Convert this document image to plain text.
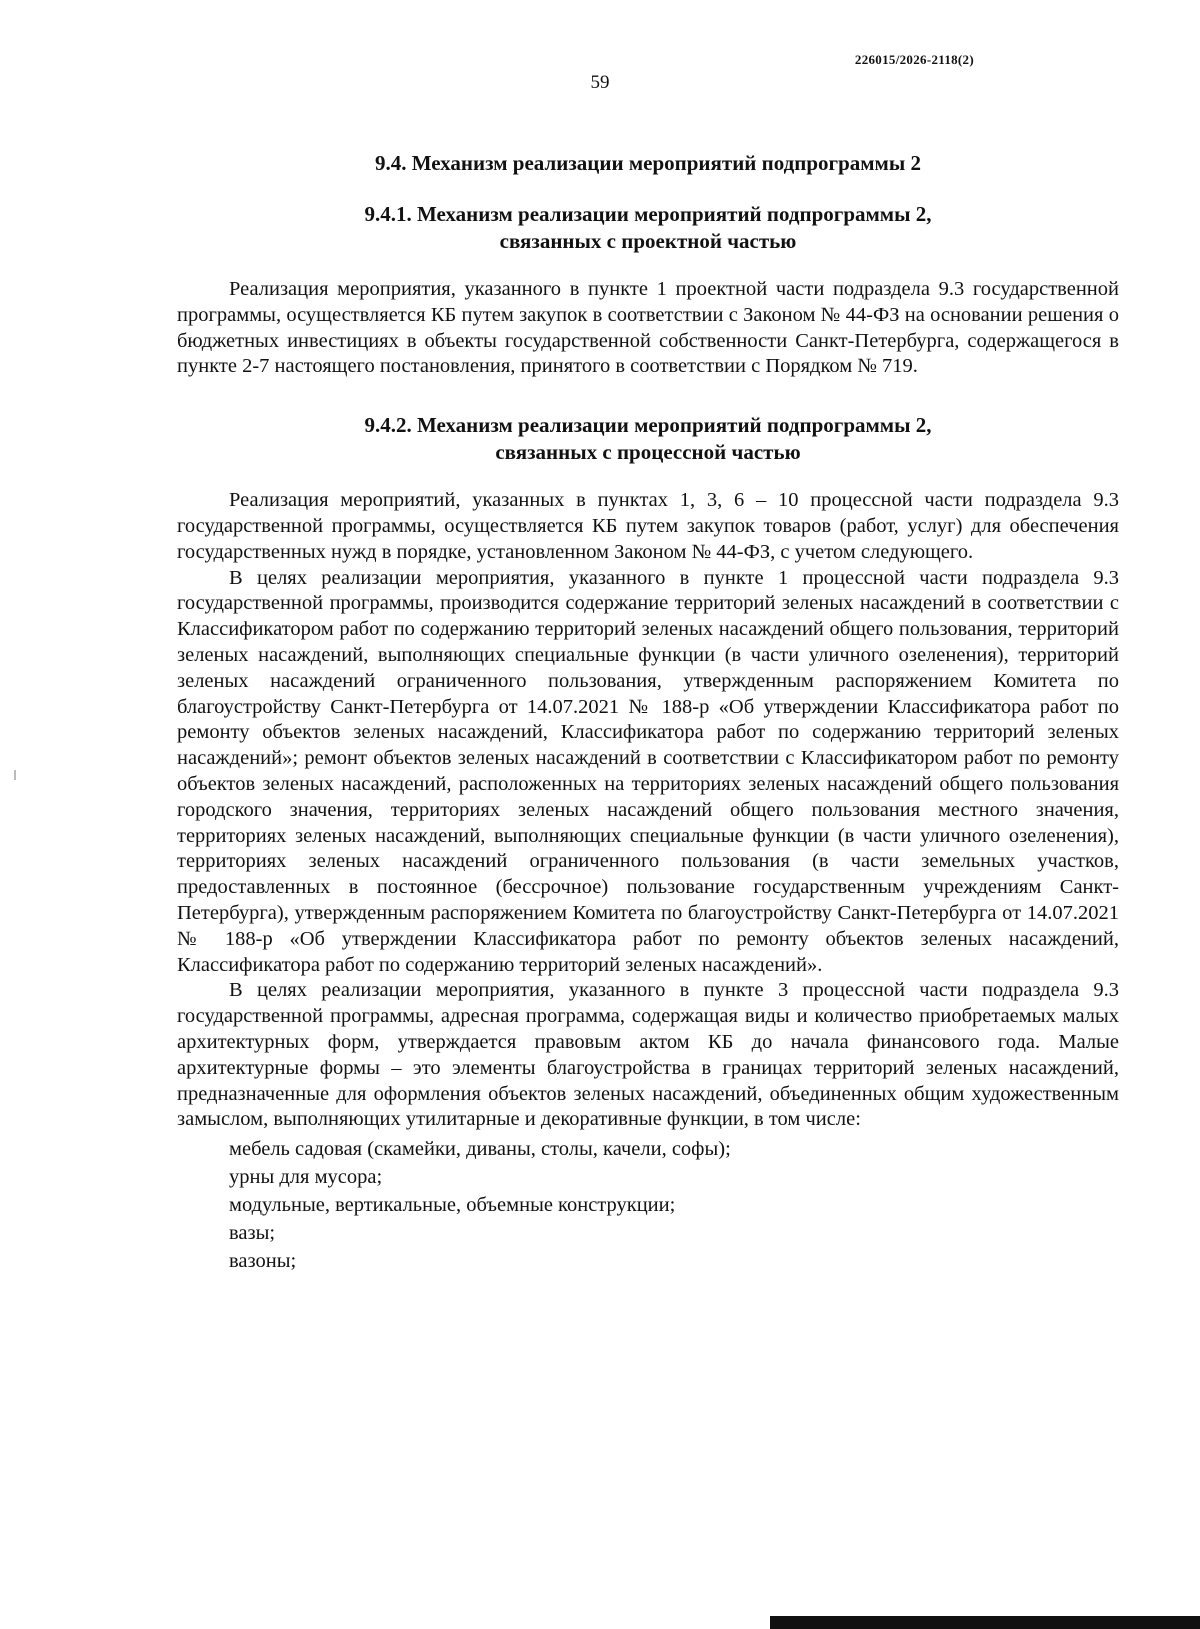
226015/2026-2118(2)
59
9.4. Механизм реализации мероприятий подпрограммы 2
9.4.1. Механизм реализации мероприятий подпрограммы 2,
связанных с проектной частью

Реализация мероприятия, указанного в пункте 1 проектной части подраздела 9.3 государственной программы, осуществляется КБ путем закупок в соответствии с Законом № 44-ФЗ на основании решения о бюджетных инвестициях в объекты государственной собственности Санкт-Петербурга, содержащегося в пункте 2-7 настоящего постановления, принятого в соответствии с Порядком № 719.

9.4.2. Механизм реализации мероприятий подпрограммы 2,
связанных с процессной частью

Реализация мероприятий, указанных в пунктах 1, 3, 6 – 10 процессной части подраздела 9.3 государственной программы, осуществляется КБ путем закупок товаров (работ, услуг) для обеспечения государственных нужд в порядке, установленном Законом № 44-ФЗ, с учетом следующего.

В целях реализации мероприятия, указанного в пункте 1 процессной части подраздела 9.3 государственной программы, производится содержание территорий зеленых насаждений в соответствии с Классификатором работ по содержанию территорий зеленых насаждений общего пользования, территорий зеленых насаждений, выполняющих специальные функции (в части уличного озеленения), территорий зеленых насаждений ограниченного пользования, утвержденным распоряжением Комитета по благоустройству Санкт-Петербурга от 14.07.2021 № 188-р «Об утверждении Классификатора работ по ремонту объектов зеленых насаждений, Классификатора работ по содержанию территорий зеленых насаждений»; ремонт объектов зеленых насаждений в соответствии с Классификатором работ по ремонту объектов зеленых насаждений, расположенных на территориях зеленых насаждений общего пользования городского значения, территориях зеленых насаждений общего пользования местного значения, территориях зеленых насаждений, выполняющих специальные функции (в части уличного озеленения), территориях зеленых насаждений ограниченного пользования (в части земельных участков, предоставленных в постоянное (бессрочное) пользование государственным учреждениям Санкт-Петербурга), утвержденным распоряжением Комитета по благоустройству Санкт-Петербурга от 14.07.2021 № 188-р «Об утверждении Классификатора работ по ремонту объектов зеленых насаждений, Классификатора работ по содержанию территорий зеленых насаждений».

В целях реализации мероприятия, указанного в пункте 3 процессной части подраздела 9.3 государственной программы, адресная программа, содержащая виды и количество приобретаемых малых архитектурных форм, утверждается правовым актом КБ до начала финансового года. Малые архитектурные формы – это элементы благоустройства в границах территорий зеленых насаждений, предназначенные для оформления объектов зеленых насаждений, объединенных общим художественным замыслом, выполняющих утилитарные и декоративные функции, в том числе:

мебель садовая (скамейки, диваны, столы, качели, софы);
урны для мусора;
модульные, вертикальные, объемные конструкции;
вазы;
вазоны;
